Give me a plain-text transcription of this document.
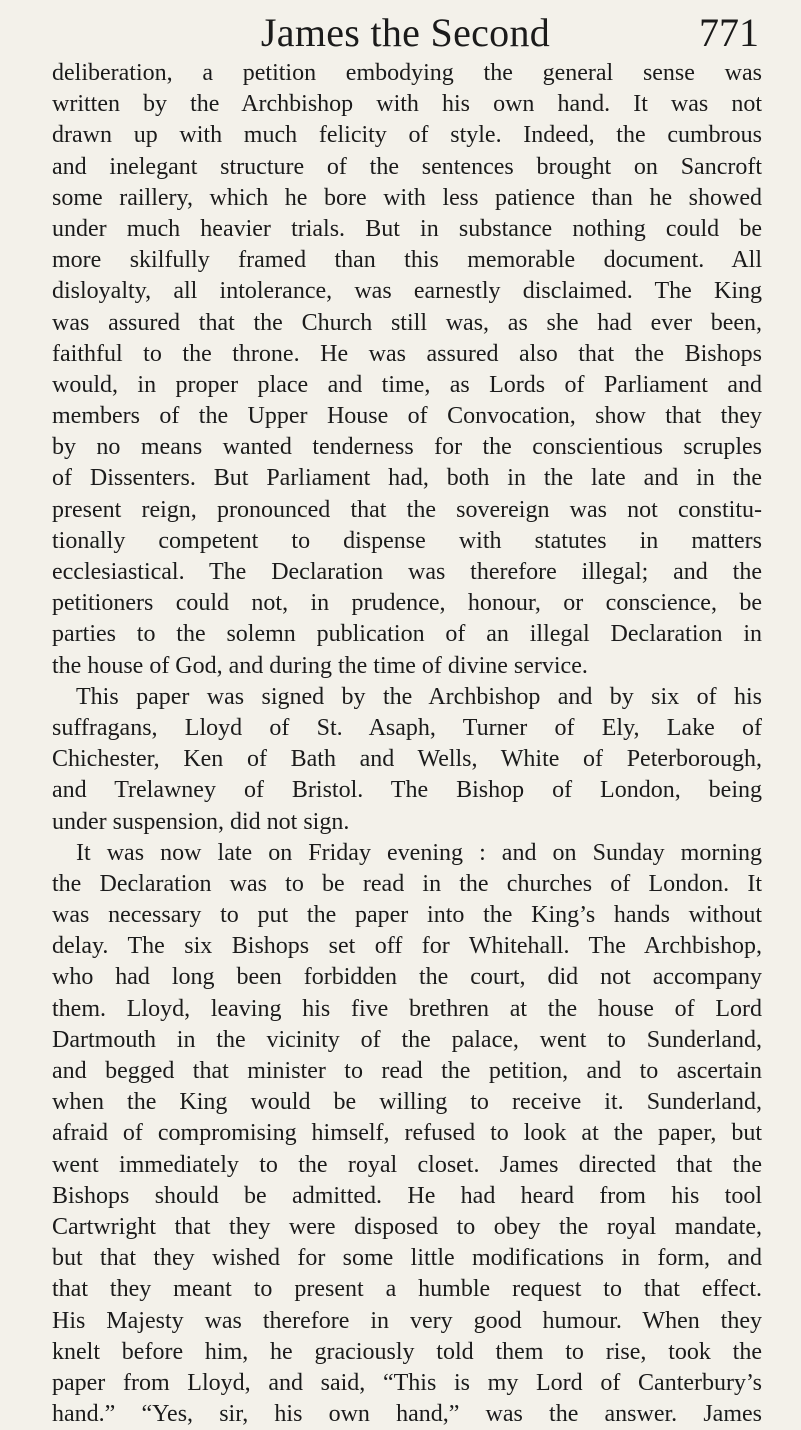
James the Second	771
deliberation, a petition embodying the general sense was
written by the Archbishop with his own hand. It was not
drawn up with much felicity of style. Indeed, the cumbrous
and inelegant structure of the sentences brought on Sancroft
some raillery, which he bore with less patience than he showed
under much heavier trials. But in substance nothing could be
more skilfully framed than this memorable document. All
disloyalty, all intolerance, was earnestly disclaimed. The King
was assured that the Church still was, as she had ever been,
faithful to the throne. He was assured also that the Bishops
would, in proper place and time, as Lords of Parliament and
members of the Upper House of Convocation, show that they
by no means wanted tenderness for the conscientious scruples
of Dissenters. But Parliament had, both in the late and in the
present reign, pronounced that the sovereign was not constitu-
tionally competent to dispense with statutes in matters
ecclesiastical. The Declaration was therefore illegal; and the
petitioners could not, in prudence, honour, or conscience, be
parties to the solemn publication of an illegal Declaration in
the house of God, and during the time of divine service.
This paper was signed by the Archbishop and by six of his
suffragans, Lloyd of St. Asaph, Turner of Ely, Lake of
Chichester, Ken of Bath and Wells, White of Peterborough,
and Trelawney of Bristol. The Bishop of London, being
under suspension, did not sign.
It was now late on Friday evening : and on Sunday morning
the Declaration was to be read in the churches of London. It
was necessary to put the paper into the King’s hands without
delay. The six Bishops set off for Whitehall. The Archbishop,
who had long been forbidden the court, did not accompany
them. Lloyd, leaving his five brethren at the house of Lord
Dartmouth in the vicinity of the palace, went to Sunderland,
and begged that minister to read the petition, and to ascertain
when the King would be willing to receive it. Sunderland,
afraid of compromising himself, refused to look at the paper, but
went immediately to the royal closet. James directed that the
Bishops should be admitted. He had heard from his tool
Cartwright that they were disposed to obey the royal mandate,
but that they wished for some little modifications in form, and
that they meant to present a humble request to that effect.
His Majesty was therefore in very good humour. When they
knelt before him, he graciously told them to rise, took the
paper from Lloyd, and said, “This is my Lord of Canterbury’s
hand.” “Yes, sir, his own hand,” was the answer. James
